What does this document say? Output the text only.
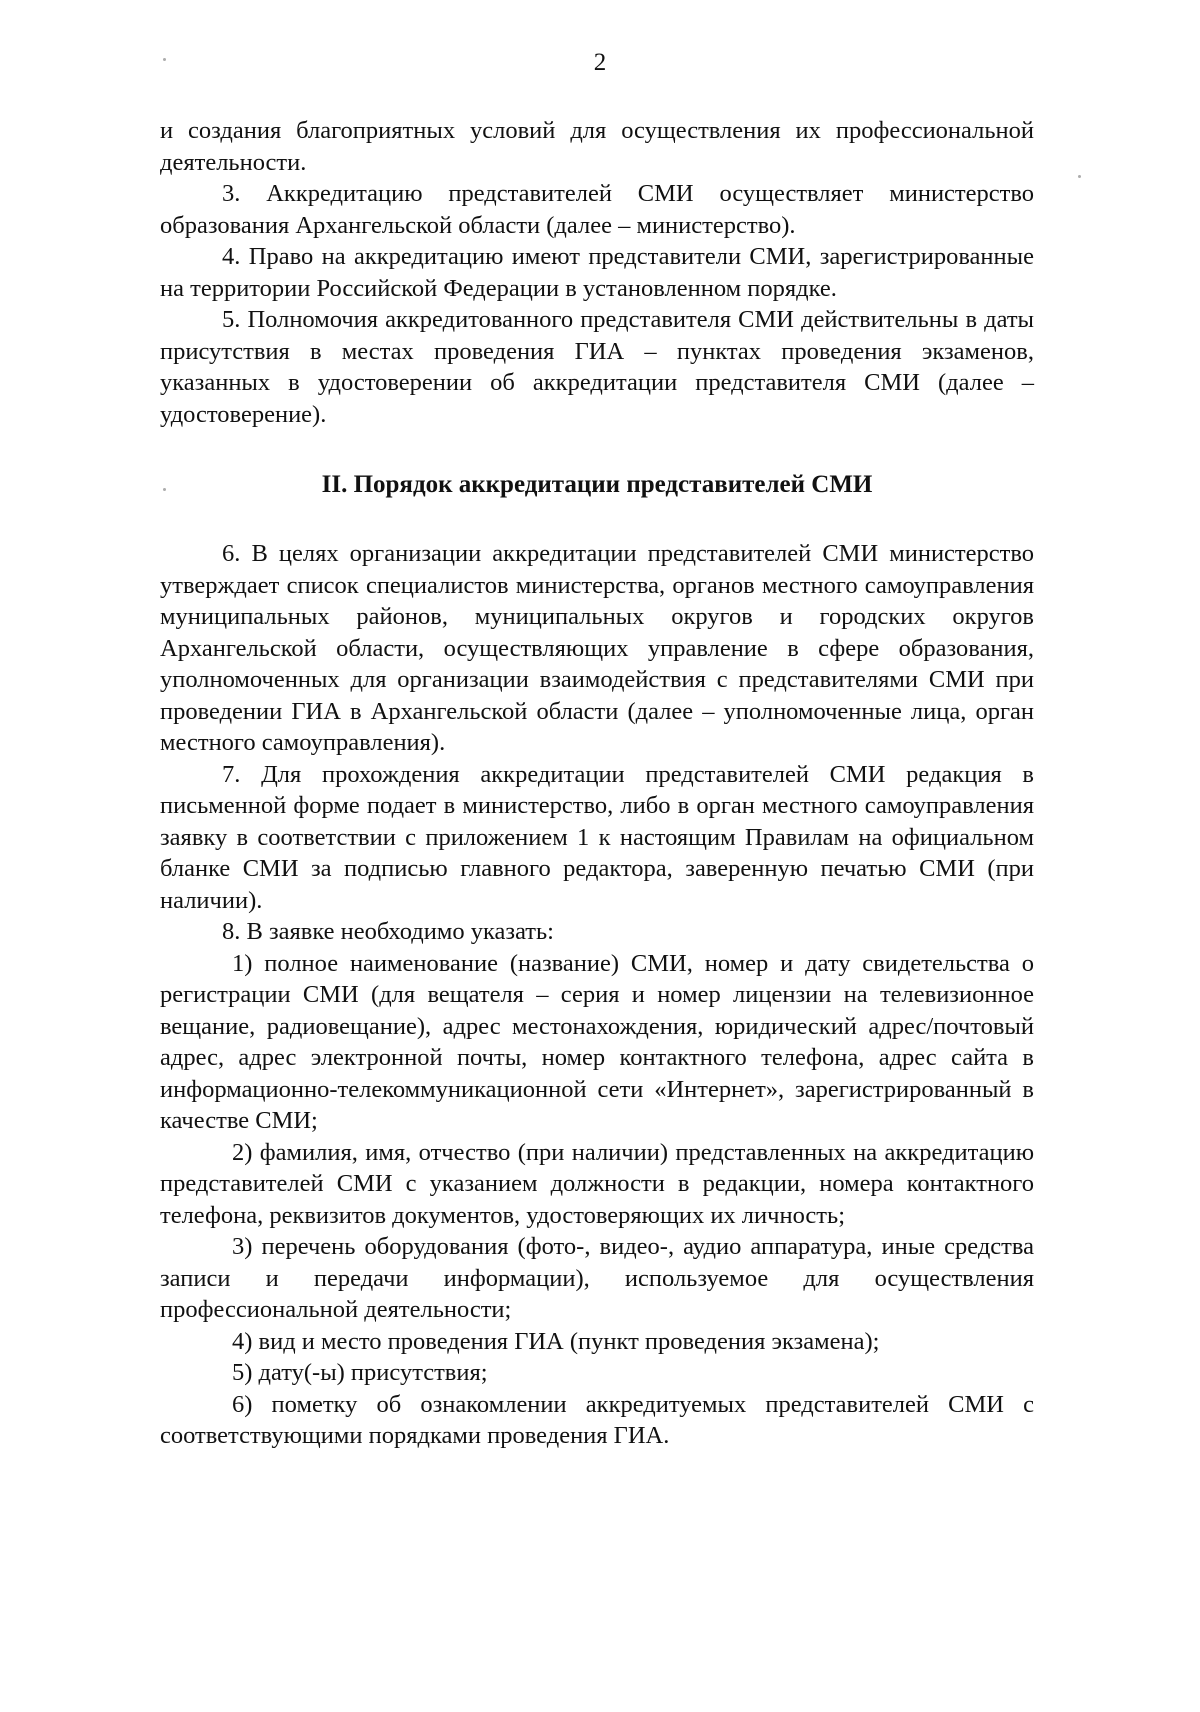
2

и создания благоприятных условий для осуществления их профессиональной деятельности.

3. Аккредитацию представителей СМИ осуществляет министерство образования Архангельской области (далее – министерство).

4. Право на аккредитацию имеют представители СМИ, зарегистрированные на территории Российской Федерации в установленном порядке.

5. Полномочия аккредитованного представителя СМИ действительны в даты присутствия в местах проведения ГИА – пунктах проведения экзаменов, указанных в удостоверении об аккредитации представителя СМИ (далее – удостоверение).

II. Порядок аккредитации представителей СМИ

6. В целях организации аккредитации представителей СМИ министерство утверждает список специалистов министерства, органов местного самоуправления муниципальных районов, муниципальных округов и городских округов Архангельской области, осуществляющих управление в сфере образования, уполномоченных для организации взаимодействия с представителями СМИ при проведении ГИА в Архангельской области (далее – уполномоченные лица, орган местного самоуправления).

7. Для прохождения аккредитации представителей СМИ редакция в письменной форме подает в министерство, либо в орган местного самоуправления заявку в соответствии с приложением 1 к настоящим Правилам на официальном бланке СМИ за подписью главного редактора, заверенную печатью СМИ (при наличии).

8. В заявке необходимо указать:

1) полное наименование (название) СМИ, номер и дату свидетельства о регистрации СМИ (для вещателя – серия и номер лицензии на телевизионное вещание, радиовещание), адрес местонахождения, юридический адрес/почтовый адрес, адрес электронной почты, номер контактного телефона, адрес сайта в информационно-телекоммуникационной сети «Интернет», зарегистрированный в качестве СМИ;

2) фамилия, имя, отчество (при наличии) представленных на аккредитацию представителей СМИ с указанием должности в редакции, номера контактного телефона, реквизитов документов, удостоверяющих их личность;

3) перечень оборудования (фото-, видео-, аудио аппаратура, иные средства записи и передачи информации), используемое для осуществления профессиональной деятельности;

4) вид и место проведения ГИА (пункт проведения экзамена);

5) дату(-ы) присутствия;

6) пометку об ознакомлении аккредитуемых представителей СМИ с соответствующими порядками проведения ГИА.
